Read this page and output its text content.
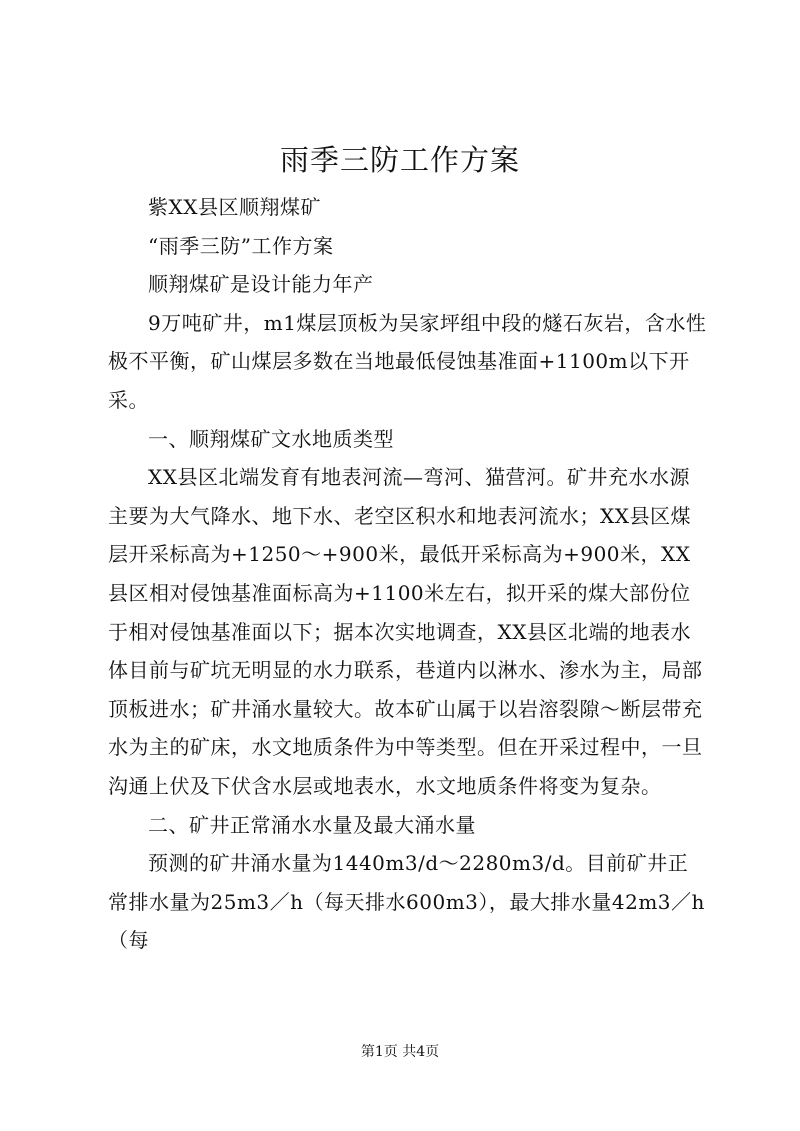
雨季三防工作方案

紫XX县区顺翔煤矿

“雨季三防”工作方案

顺翔煤矿是设计能力年产

9万吨矿井，m1煤层顶板为吴家坪组中段的燧石灰岩，含水性极不平衡，矿山煤层多数在当地最低侵蚀基准面+1100m以下开采。

一、顺翔煤矿文水地质类型

XX县区北端发育有地表河流—弯河、猫营河。矿井充水水源主要为大气降水、地下水、老空区积水和地表河流水；XX县区煤层开采标高为+1250～+900米，最低开采标高为+900米，XX县区相对侵蚀基准面标高为+1100米左右，拟开采的煤大部份位于相对侵蚀基准面以下；据本次实地调查，XX县区北端的地表水体目前与矿坑无明显的水力联系，巷道内以淋水、渗水为主，局部顶板进水；矿井涌水量较大。故本矿山属于以岩溶裂隙～断层带充水为主的矿床，水文地质条件为中等类型。但在开采过程中，一旦沟通上伏及下伏含水层或地表水，水文地质条件将变为复杂。

二、矿井正常涌水水量及最大涌水量

预测的矿井涌水量为1440m3/d～2280m3/d。目前矿井正常排水量为25m3／h（每天排水600m3），最大排水量42m3／h（每

第1页 共4页
